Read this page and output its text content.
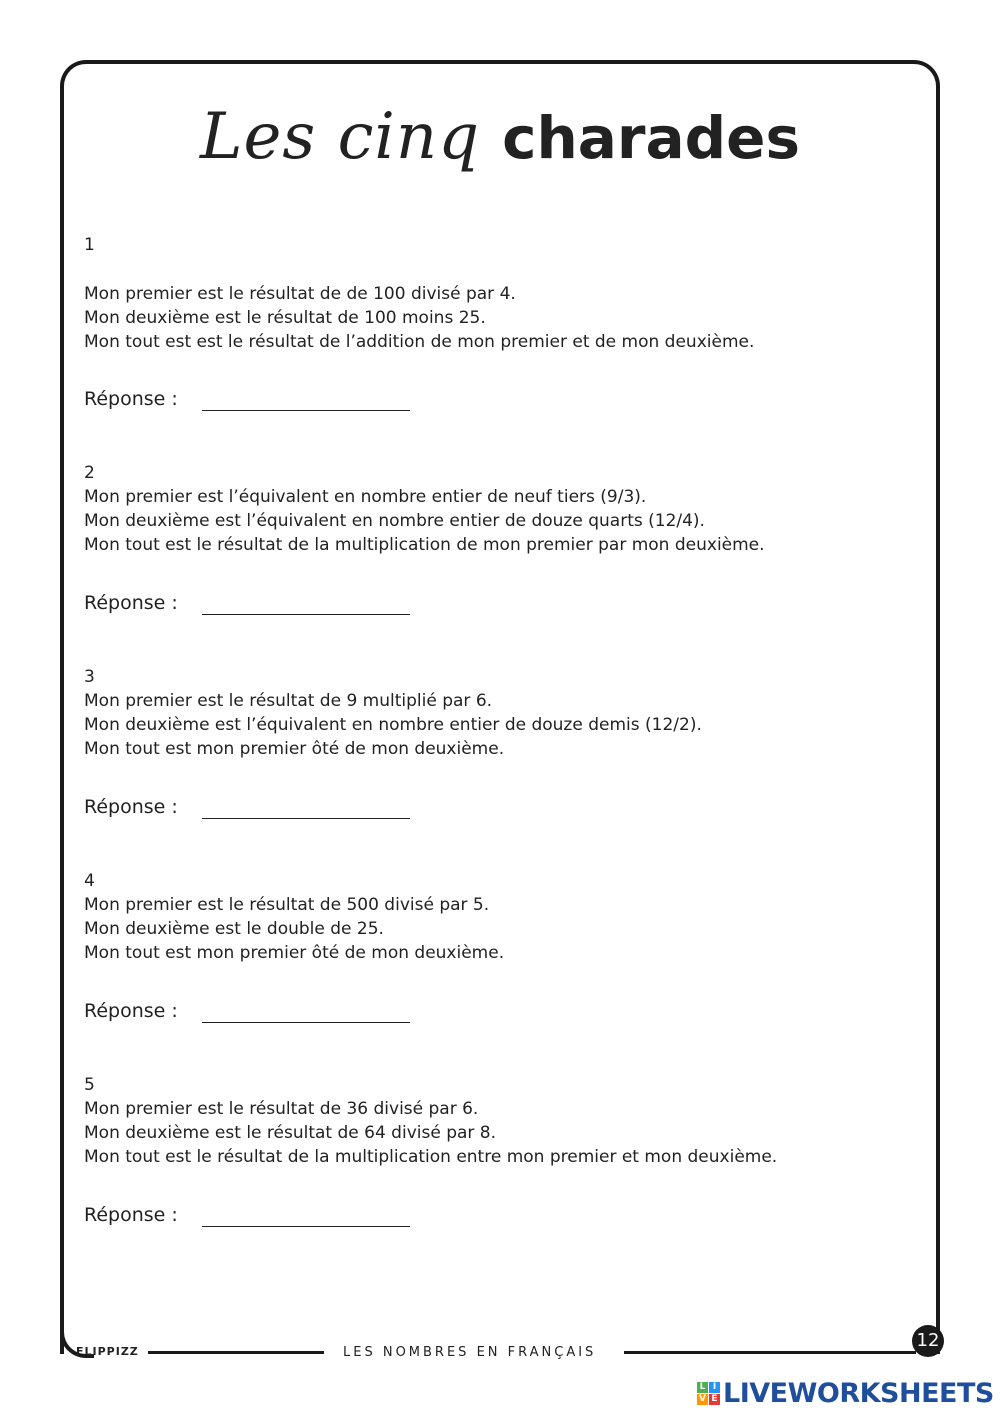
Les cinq charades
1
Mon premier est le résultat de de 100 divisé par 4.
Mon deuxième est le résultat de 100 moins 25.
Mon tout est est le résultat de l’addition de mon premier et de mon deuxième.
Réponse :
2
Mon premier est l’équivalent en nombre entier de neuf tiers (9/3).
Mon deuxième est l’équivalent en nombre entier de douze quarts (12/4).
Mon tout est le résultat de la multiplication de mon premier par mon deuxième.
Réponse :
3
Mon premier est le résultat de 9 multiplié par 6.
Mon deuxième est l’équivalent en nombre entier de douze demis (12/2).
Mon tout est mon premier ôté de mon deuxième.
Réponse :
4
Mon premier est le résultat de 500 divisé par 5.
Mon deuxième est le double de 25.
Mon tout est mon premier ôté de mon deuxième.
Réponse :
5
Mon premier est le résultat de 36 divisé par 6.
Mon deuxième est le résultat de 64 divisé par 8.
Mon tout est le résultat de la multiplication entre mon premier et mon deuxième.
Réponse :
FLIPPIZZ	LES NOMBRES EN FRANÇAIS
12
L I
V E LIVEWORKSHEETS
